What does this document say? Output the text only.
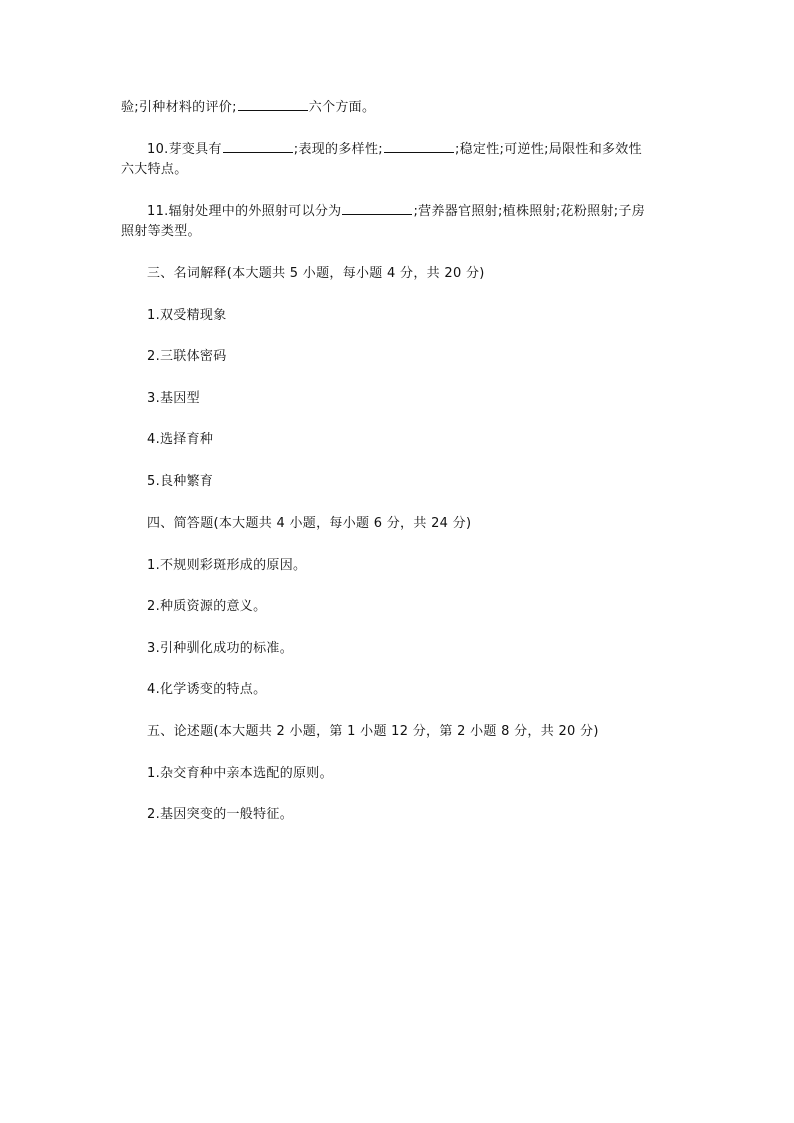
验;引种材料的评价;	六个方面。
10.芽变具有	;表现的多样性;	;稳定性;可逆性;局限性和多效性
六大特点。
11.辐射处理中的外照射可以分为	;营养器官照射;植株照射;花粉照射;子房
照射等类型。
三、名词解释(本大题共 5 小题，每小题 4 分，共 20 分)
1.双受精现象
2.三联体密码
3.基因型
4.选择育种
5.良种繁育
四、简答题(本大题共 4 小题，每小题 6 分，共 24 分)
1.不规则彩斑形成的原因。
2.种质资源的意义。
3.引种驯化成功的标准。
4.化学诱变的特点。
五、论述题(本大题共 2 小题，第 1 小题 12 分，第 2 小题 8 分，共 20 分)
1.杂交育种中亲本选配的原则。
2.基因突变的一般特征。
